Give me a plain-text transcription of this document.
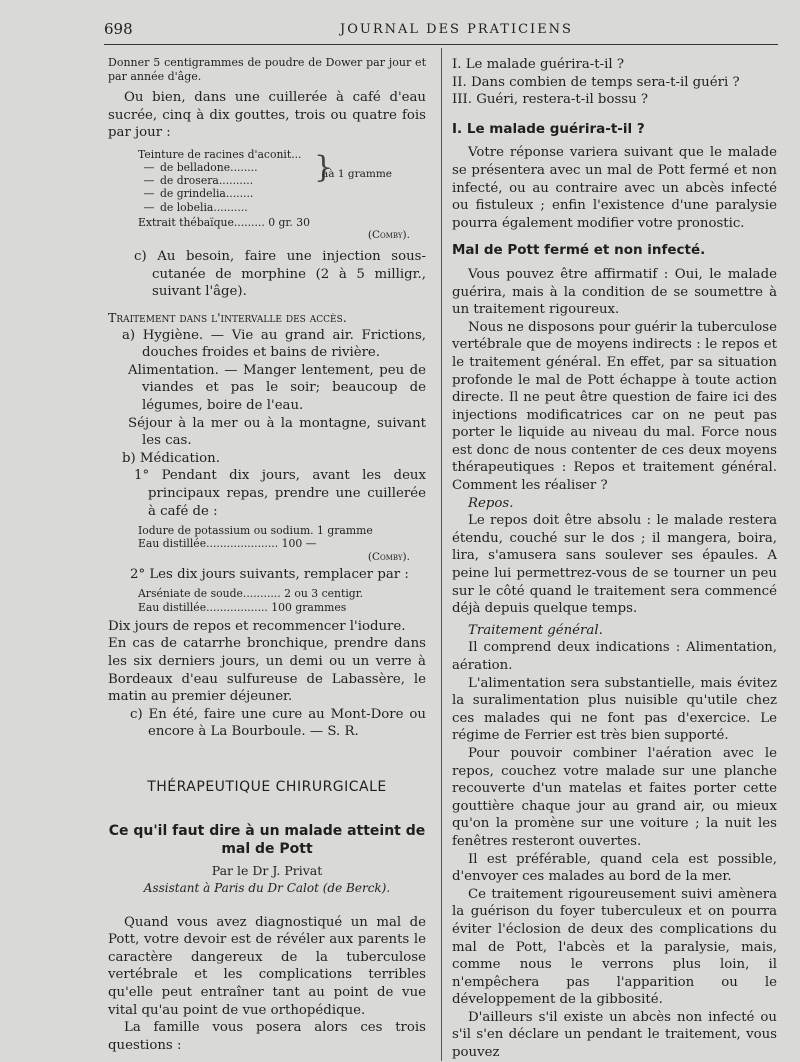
698	JOURNAL DES PRATICIENS

Donner 5 centigrammes de poudre de Dower par jour et par année d'âge.

Ou bien, dans une cuillerée à café d'eau sucrée, cinq à dix gouttes, trois ou quatre fois par jour :

Teinture de racines d'aconit...
— de belladone........
— de drosera..........
— de grindelia........
— de lobelia..........
}
àà 1 gramme
Extrait thébaïque......... 0 gr. 30
(Comby).

c) Au besoin, faire une injection sous-cutanée de morphine (2 à 5 milligr., suivant l'âge).

Traitement dans l'intervalle des accès.

a) Hygiène. — Vie au grand air. Frictions, douches froides et bains de rivière.

Alimentation. — Manger lentement, peu de viandes et pas le soir; beaucoup de légumes, boire de l'eau.

Séjour à la mer ou à la montagne, suivant les cas.

b) Médication.

1° Pendant dix jours, avant les deux principaux repas, prendre une cuillerée à café de :

Iodure de potassium ou sodium. 1 gramme
Eau distillée..................... 100 —
(Comby).

2° Les dix jours suivants, remplacer par :

Arséniate de soude........... 2 ou 3 centigr.
Eau distillée.................. 100 grammes

Dix jours de repos et recommencer l'iodure.

En cas de catarrhe bronchique, prendre dans les six derniers jours, un demi ou un verre à Bordeaux d'eau sulfureuse de Labassère, le matin au premier déjeuner.

c) En été, faire une cure au Mont-Dore ou encore à La Bourboule. — S. R.

THÉRAPEUTIQUE CHIRURGICALE
Ce qu'il faut dire à un malade atteint de mal de Pott
Par le Dr J. Privat
Assistant à Paris du Dr Calot (de Berck).

Quand vous avez diagnostiqué un mal de Pott, votre devoir est de révéler aux parents le caractère dangereux de la tuberculose vertébrale et les complications terribles qu'elle peut entraîner tant au point de vue vital qu'au point de vue orthopédique.

La famille vous posera alors ces trois questions :

I. Le malade guérira-t-il ?

II. Dans combien de temps sera-t-il guéri ?

III. Guéri, restera-t-il bossu ?

I. Le malade guérira-t-il ?

Votre réponse variera suivant que le malade se présentera avec un mal de Pott fermé et non infecté, ou au contraire avec un abcès infecté ou fistuleux ; enfin l'existence d'une paralysie pourra également modifier votre pronostic.

Mal de Pott fermé et non infecté.

Vous pouvez être affirmatif : Oui, le malade guérira, mais à la condition de se soumettre à un traitement rigoureux.

Nous ne disposons pour guérir la tuberculose vertébrale que de moyens indirects : le repos et le traitement général. En effet, par sa situation profonde le mal de Pott échappe à toute action directe. Il ne peut être question de faire ici des injections modificatrices car on ne peut pas porter le liquide au niveau du mal. Force nous est donc de nous contenter de ces deux moyens thérapeutiques : Repos et traitement général. Comment les réaliser ?

Repos.

Le repos doit être absolu : le malade restera étendu, couché sur le dos ; il mangera, boira, lira, s'amusera sans soulever ses épaules. A peine lui permettrez-vous de se tourner un peu sur le côté quand le traitement sera commencé déjà depuis quelque temps.

Traitement général.

Il comprend deux indications : Alimentation, aération.

L'alimentation sera substantielle, mais évitez la suralimentation plus nuisible qu'utile chez ces malades qui ne font pas d'exercice. Le régime de Ferrier est très bien supporté.

Pour pouvoir combiner l'aération avec le repos, couchez votre malade sur une planche recouverte d'un matelas et faites porter cette gouttière chaque jour au grand air, ou mieux qu'on la promène sur une voiture ; la nuit les fenêtres resteront ouvertes.

Il est préférable, quand cela est possible, d'envoyer ces malades au bord de la mer.

Ce traitement rigoureusement suivi amènera la guérison du foyer tuberculeux et on pourra éviter l'éclosion de deux des complications du mal de Pott, l'abcès et la paralysie, mais, comme nous le verrons plus loin, il n'empêchera pas l'apparition ou le développement de la gibbosité.

D'ailleurs s'il existe un abcès non infecté ou s'il s'en déclare un pendant le traitement, vous pouvez
